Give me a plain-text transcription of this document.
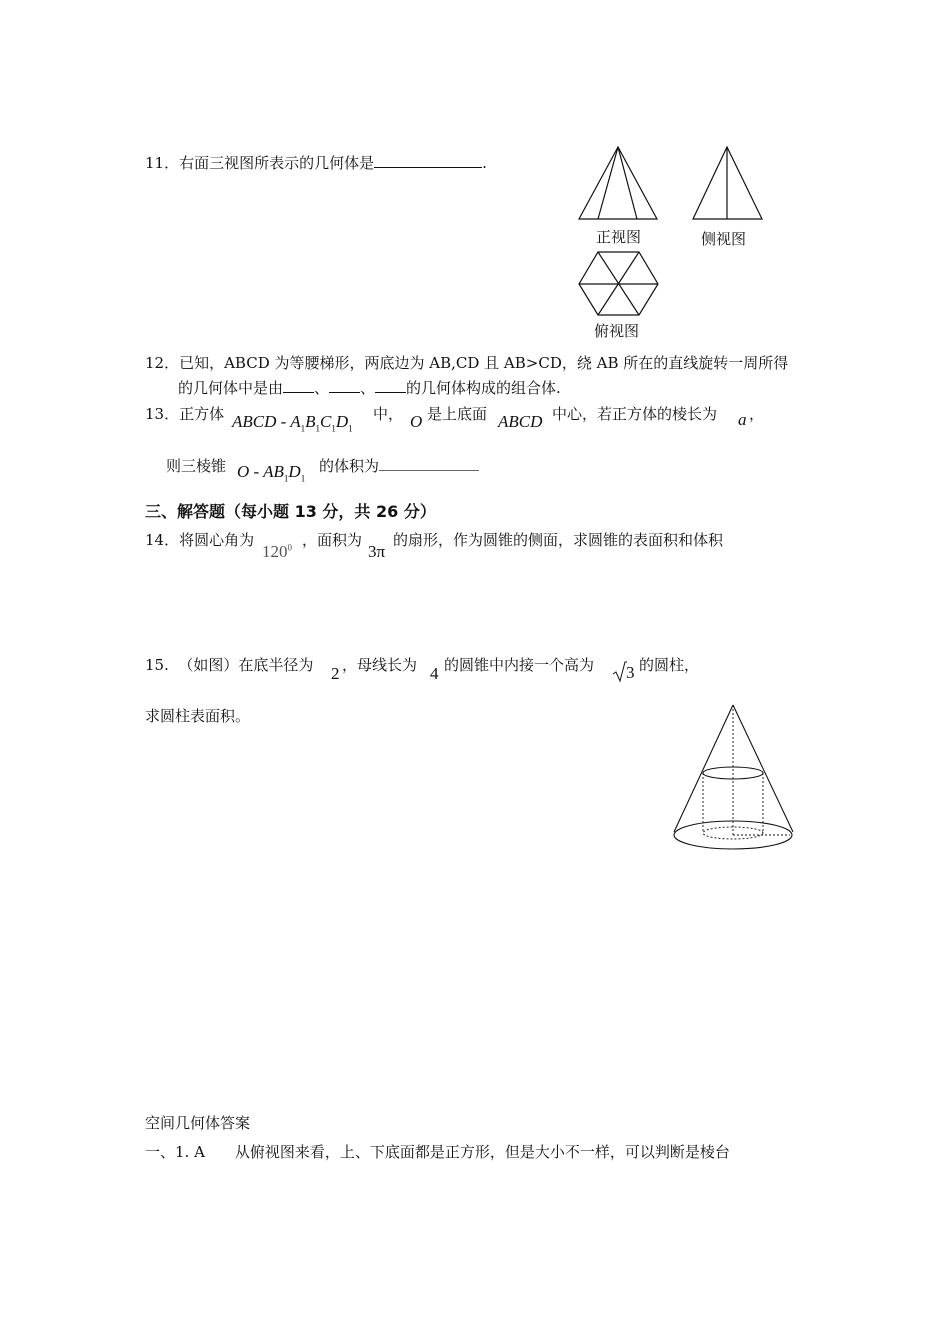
11．右面三视图所表示的几何体是	.
正视图	侧视图
俯视图
12．已知，ABCD 为等腰梯形，两底边为 AB,CD 且 AB>CD，绕 AB 所在的直线旋转一周所得
的几何体中是由 、 、 的几何体构成的组合体.
13．正方体 ABCD - $A_1B_1C_1D_1$
中， O 是上底面 ABCD 中心，若正方体的棱长为 a ，
则三棱锥 O - $AB_1D_1$
的体积为
三、解答题（每小题 13 分，共 26 分）
14．将圆心角为
$120^0$ ，面积为
3π
的扇形，作为圆锥的侧面，求圆锥的表面积和体积
15. （如图）在底半径为 2 ，母线长为 4 的圆锥中内接一个高为 3 的圆柱，
求圆柱表面积。
空间几何体答案
一、1. A　　从俯视图来看，上、下底面都是正方形，但是大小不一样，可以判断是棱台
